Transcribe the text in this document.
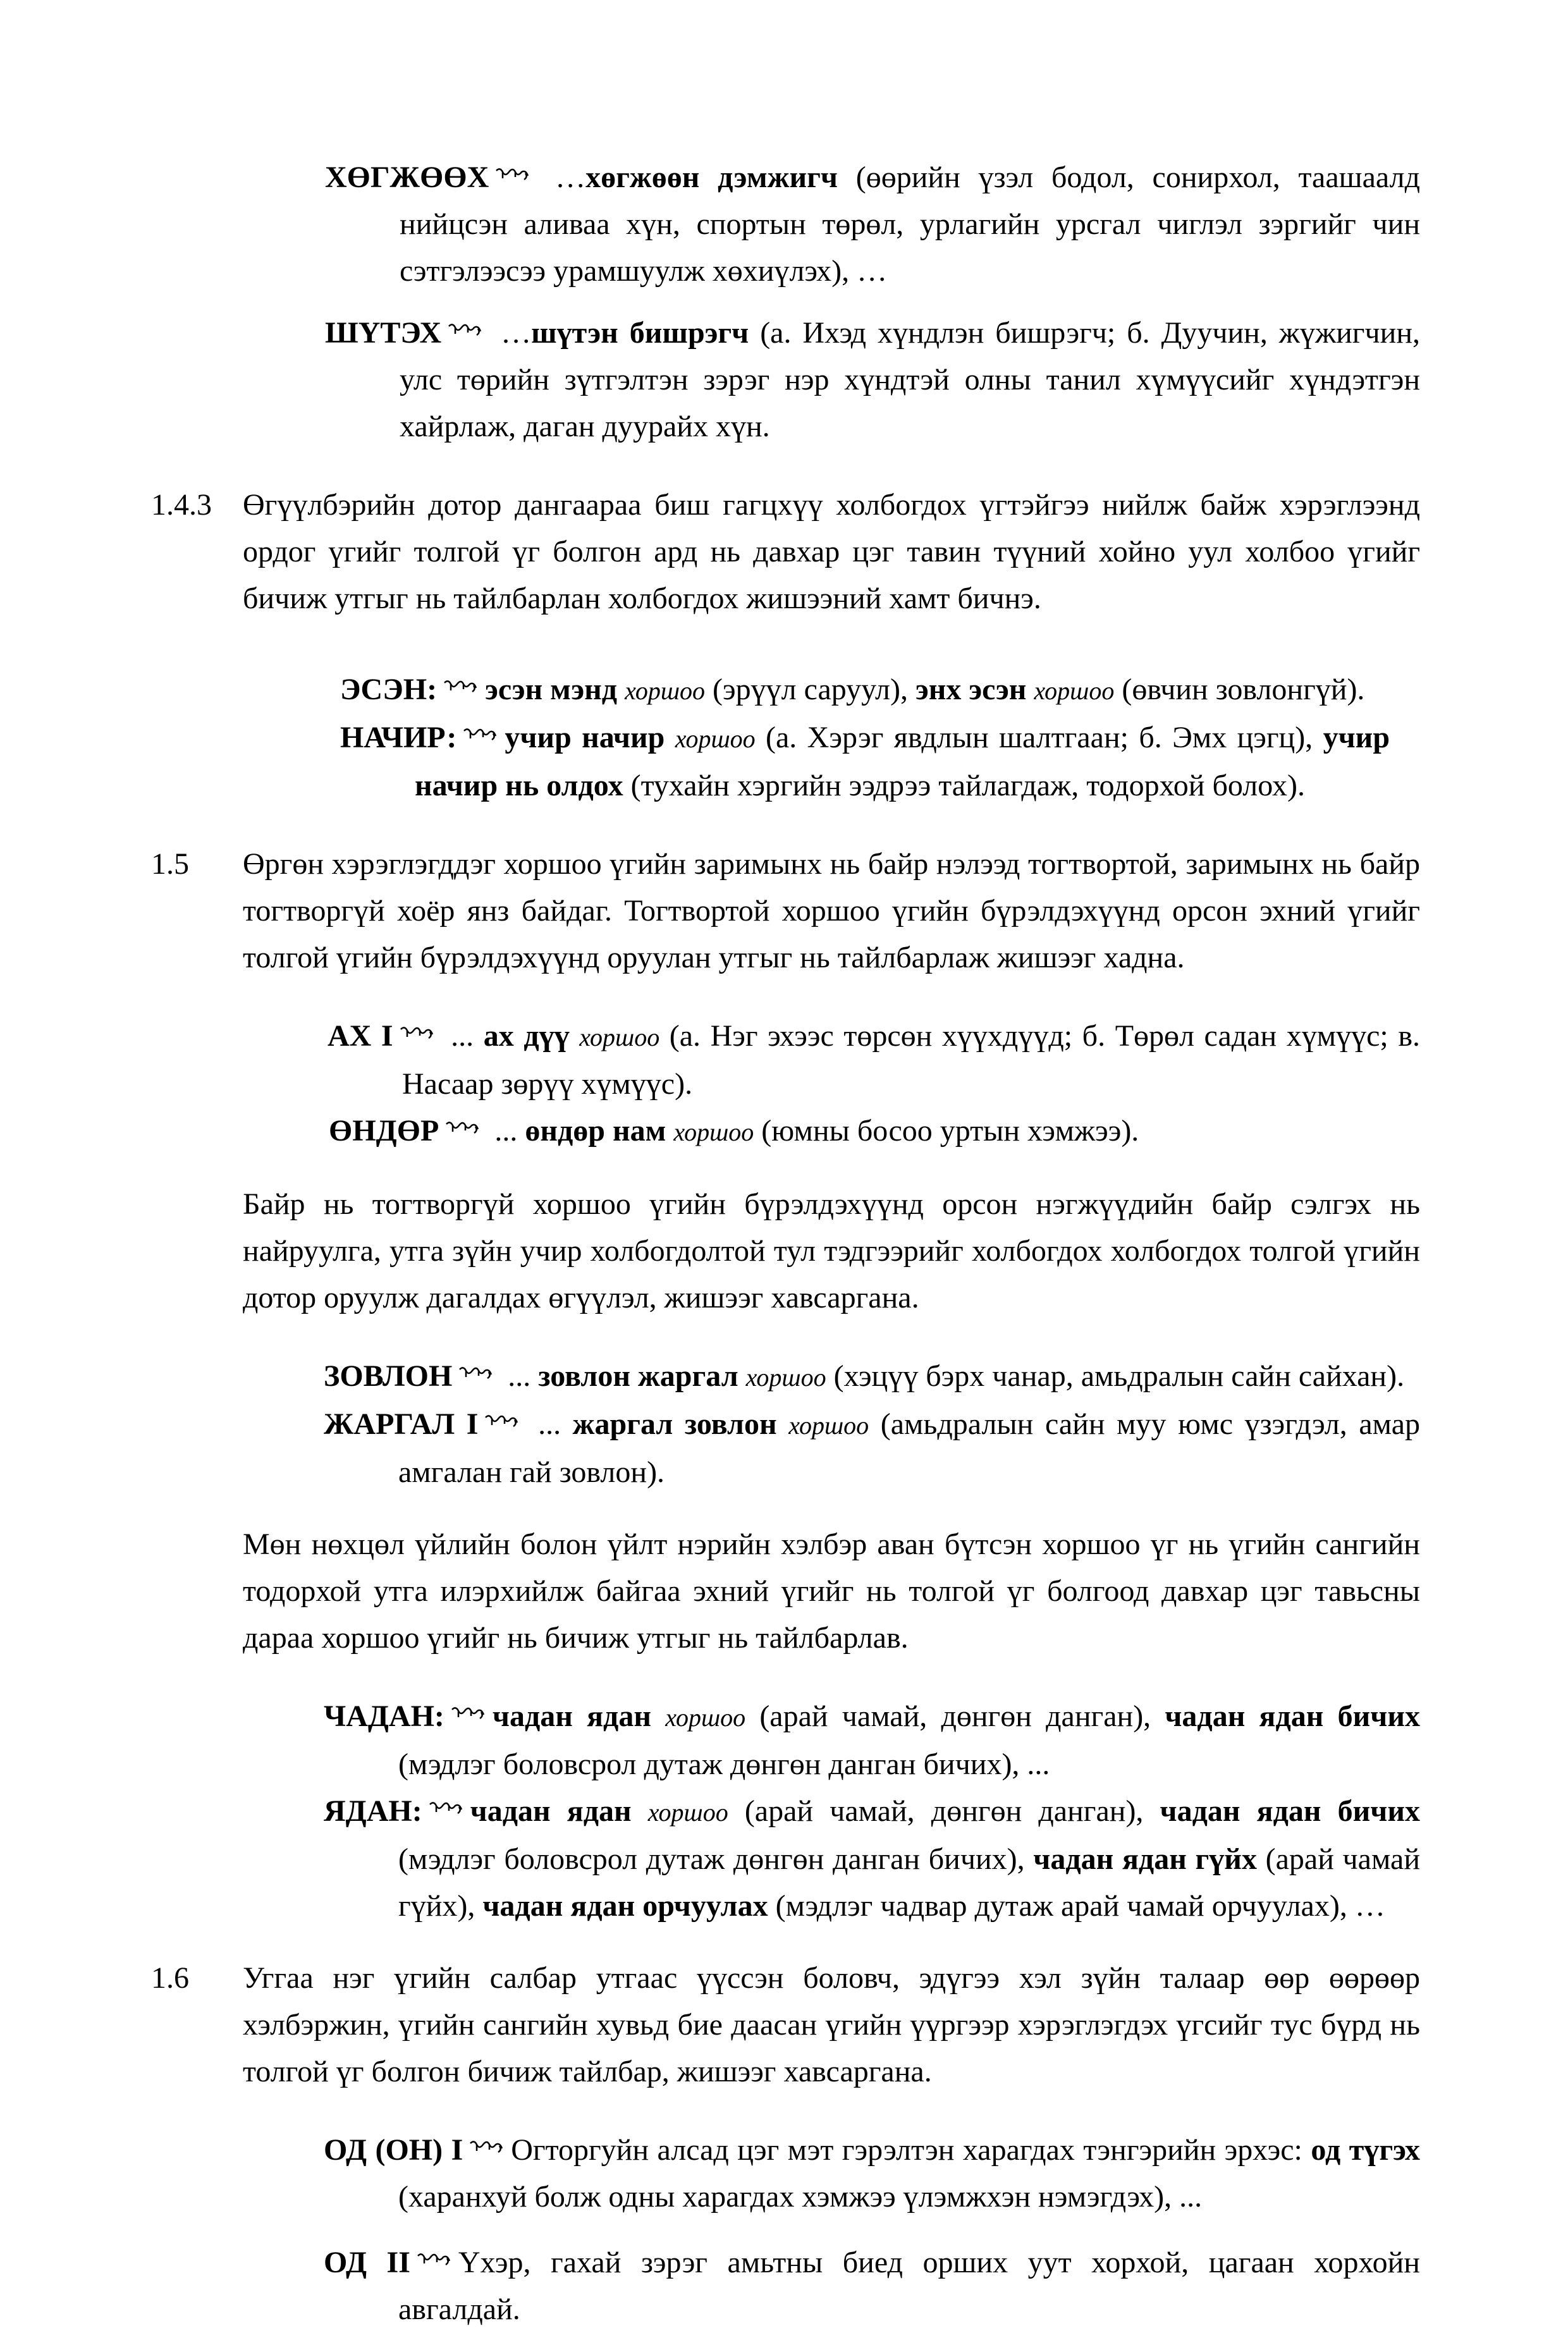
ХӨГЖӨӨХ …хөгжөөн дэмжигч (өөрийн үзэл бодол, сонирхол, таашаалд нийцсэн аливаа хүн, спортын төрөл, урлагийн урсгал чиглэл зэргийг чин сэтгэлээсээ урамшуулж хөхиүлэх), …
ШҮТЭХ …шүтэн бишрэгч (а. Ихэд хүндлэн бишрэгч; б. Дуучин, жүжигчин, улс төрийн зүтгэлтэн зэрэг нэр хүндтэй олны танил хүмүүсийг хүндэтгэн хайрлаж, даган дуурайх хүн.
1.4.3 Өгүүлбэрийн дотор дангаараа биш гагцхүү холбогдох үгтэйгээ нийлж байж хэрэглээнд ордог үгийг толгой үг болгон ард нь давхар цэг тавин түүний хойно уул холбоо үгийг бичиж утгыг нь тайлбарлан холбогдох жишээний хамт бичнэ.
ЭСЭН: эсэн мэнд хоршоо (эрүүл саруул), энх эсэн хоршоо (өвчин зовлонгүй).
НАЧИР: учир начир хоршоо (а. Хэрэг явдлын шалтгаан; б. Эмх цэгц), учир начир нь олдох (тухайн хэргийн ээдрээ тайлагдаж, тодорхой болох).
1.5 Өргөн хэрэглэгддэг хоршоо үгийн заримынх нь байр нэлээд тогтвортой, заримынх нь байр тогтворгүй хоёр янз байдаг. Тогтвортой хоршоо үгийн бүрэлдэхүүнд орсон эхний үгийг толгой үгийн бүрэлдэхүүнд оруулан утгыг нь тайлбарлаж жишээг хадна.
АХ I ... ах дүү хоршоо (а. Нэг эхээс төрсөн хүүхдүүд; б. Төрөл садан хүмүүс; в. Насаар зөрүү хүмүүс).
ӨНДӨР ... өндөр нам хоршоо (юмны босоо уртын хэмжээ).
Байр нь тогтворгүй хоршоо үгийн бүрэлдэхүүнд орсон нэгжүүдийн байр сэлгэх нь найруулга, утга зүйн учир холбогдолтой тул тэдгээрийг холбогдох холбогдох толгой үгийн дотор оруулж дагалдах өгүүлэл, жишээг хавсаргана.
ЗОВЛОН ... зовлон жаргал хоршоо (хэцүү бэрх чанар, амьдралын сайн сайхан).
ЖАРГАЛ I ... жаргал зовлон хоршоо (амьдралын сайн муу юмс үзэгдэл, амар амгалан гай зовлон).
Мөн нөхцөл үйлийн болон үйлт нэрийн хэлбэр аван бүтсэн хоршоо үг нь үгийн сангийн тодорхой утга илэрхийлж байгаа эхний үгийг нь толгой үг болгоод давхар цэг тавьсны дараа хоршоо үгийг нь бичиж утгыг нь тайлбарлав.
ЧАДАН: чадан ядан хоршоо (арай чамай, дөнгөн данган), чадан ядан бичих (мэдлэг боловсрол дутаж дөнгөн данган бичих), ...
ЯДАН: чадан ядан хоршоо (арай чамай, дөнгөн данган), чадан ядан бичих (мэдлэг боловсрол дутаж дөнгөн данган бичих), чадан ядан гүйх (арай чамай гүйх), чадан ядан орчуулах (мэдлэг чадвар дутаж арай чамай орчуулах), …
1.6 Уггаа нэг үгийн салбар утгаас үүссэн боловч, эдүгээ хэл зүйн талаар өөр өөрөөр хэлбэржин, үгийн сангийн хувьд бие даасан үгийн үүргээр хэрэглэгдэх үгсийг тус бүрд нь толгой үг болгон бичиж тайлбар, жишээг хавсаргана.
ОД (ОН) I Огторгуйн алсад цэг мэт гэрэлтэн харагдах тэнгэрийн эрхэс: од түгэх (харанхуй болж одны харагдах хэмжээ үлэмжхэн нэмэгдэх), ...
ОД II Үхэр, гахай зэрэг амьтны биед орших уут хорхой, цагаан хорхойн авгалдай.
